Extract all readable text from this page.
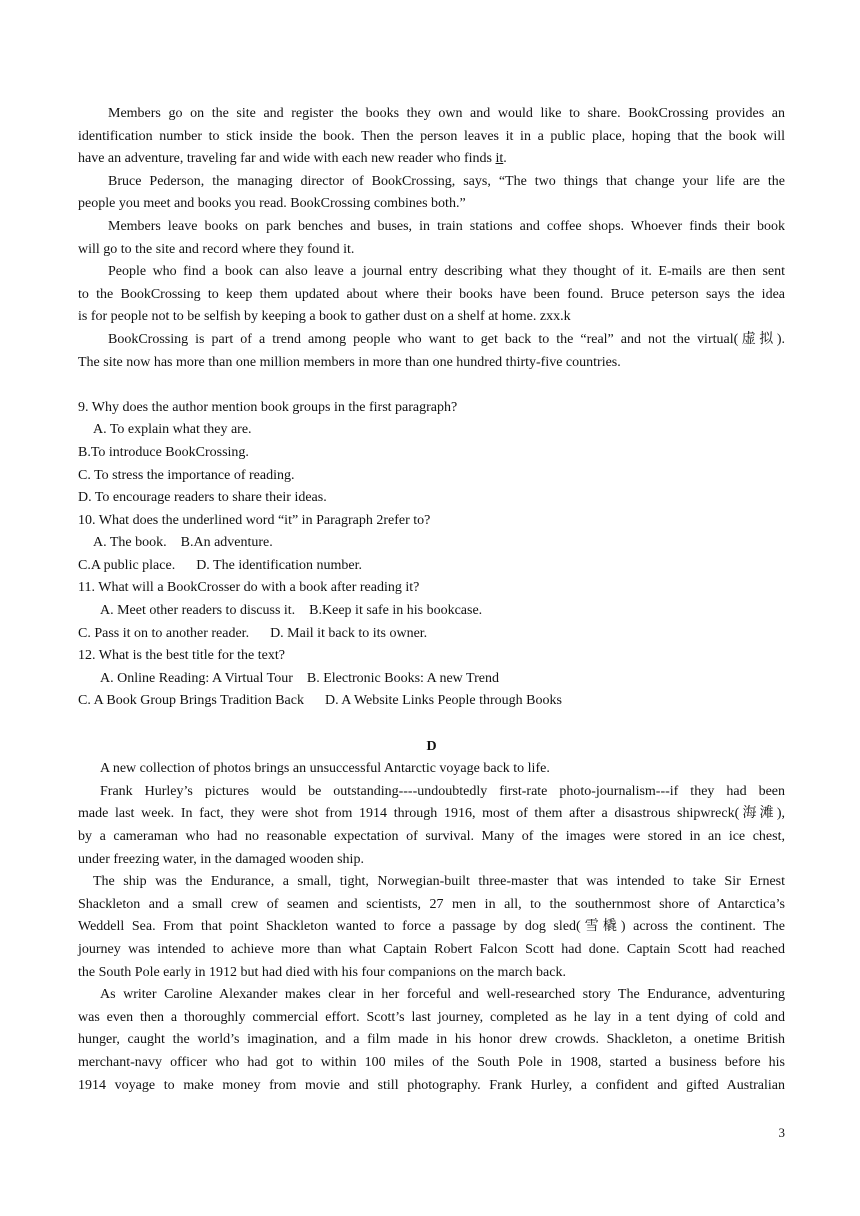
Members go on the site and register the books they own and would like to share. BookCrossing provides an
identification number to stick inside the book. Then the person leaves it in a public place, hoping that the book will
have an adventure, traveling far and wide with each new reader who finds it.
Bruce Pederson, the managing director of BookCrossing, says, “The two things that change your life are the
people you meet and books you read. BookCrossing combines both.”
Members leave books on park benches and buses, in train stations and coffee shops. Whoever finds their book
will go to the site and record where they found it.
People who find a book can also leave a journal entry describing what they thought of it. E-mails are then sent
to the BookCrossing to keep them updated about where their books have been found. Bruce peterson says the idea
is for people not to be selfish by keeping a book to gather dust on a shelf at home. zxx.k
BookCrossing is part of a trend among people who want to get back to the “real” and not the virtual(虚拟).
The site now has more than one million members in more than one hundred thirty-five countries.
9. Why does the author mention book groups in the first paragraph?
A. To explain what they are.
B.To introduce BookCrossing.
C. To stress the importance of reading.
D. To encourage readers to share their ideas.
10. What does the underlined word “it” in Paragraph 2refer to?
A. The book.    B.An adventure.
C.A public place.      D. The identification number.
11. What will a BookCrosser do with a book after reading it?
A. Meet other readers to discuss it.    B.Keep it safe in his bookcase.
C. Pass it on to another reader.      D. Mail it back to its owner.
12. What is the best title for the text?
A. Online Reading: A Virtual Tour    B. Electronic Books: A new Trend
C. A Book Group Brings Tradition Back      D. A Website Links People through Books
D
A new collection of photos brings an unsuccessful Antarctic voyage back to life.
Frank Hurley’s pictures would be outstanding----undoubtedly first-rate photo-journalism---if they had been
made last week. In fact, they were shot from 1914 through 1916, most of them after a disastrous shipwreck(海滩),
by a cameraman who had no reasonable expectation of survival. Many of the images were stored in an ice chest,
under freezing water, in the damaged wooden ship.
The ship was the Endurance, a small, tight, Norwegian-built three-master that was intended to take Sir Ernest
Shackleton and a small crew of seamen and scientists, 27 men in all, to the southernmost shore of Antarctica’s
Weddell Sea. From that point Shackleton wanted to force a passage by dog sled(雪橇) across the continent. The
journey was intended to achieve more than what Captain Robert Falcon Scott had done. Captain Scott had reached
the South Pole early in 1912 but had died with his four companions on the march back.
As writer Caroline Alexander makes clear in her forceful and well-researched story The Endurance, adventuring
was even then a thoroughly commercial effort. Scott’s last journey, completed as he lay in a tent dying of cold and
hunger, caught the world’s imagination, and a film made in his honor drew crowds. Shackleton, a onetime British
merchant-navy officer who had got to within 100 miles of the South Pole in 1908, started a business before his
1914 voyage to make money from movie and still photography. Frank Hurley, a confident and gifted Australian
3
